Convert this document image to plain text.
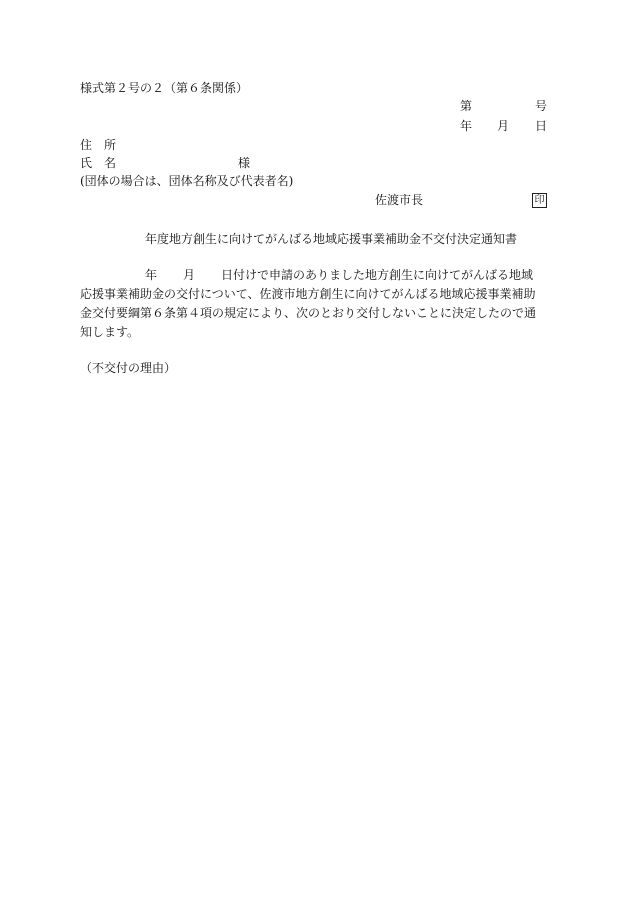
様式第２号の２（第６条関係）
第	号
年 月 日
住　所
氏　名	様
(団体の場合は、団体名称及び代表者名)
佐渡市長	印
年度地方創生に向けてがんばる地域応援事業補助金不交付決定通知書
年 月 日付けで申請のありました地方創生に向けてがんばる地域
応援事業補助金の交付について、佐渡市地方創生に向けてがんばる地域応援事業補助
金交付要綱第６条第４項の規定により、次のとおり交付しないことに決定したので通
知します。
（不交付の理由）
